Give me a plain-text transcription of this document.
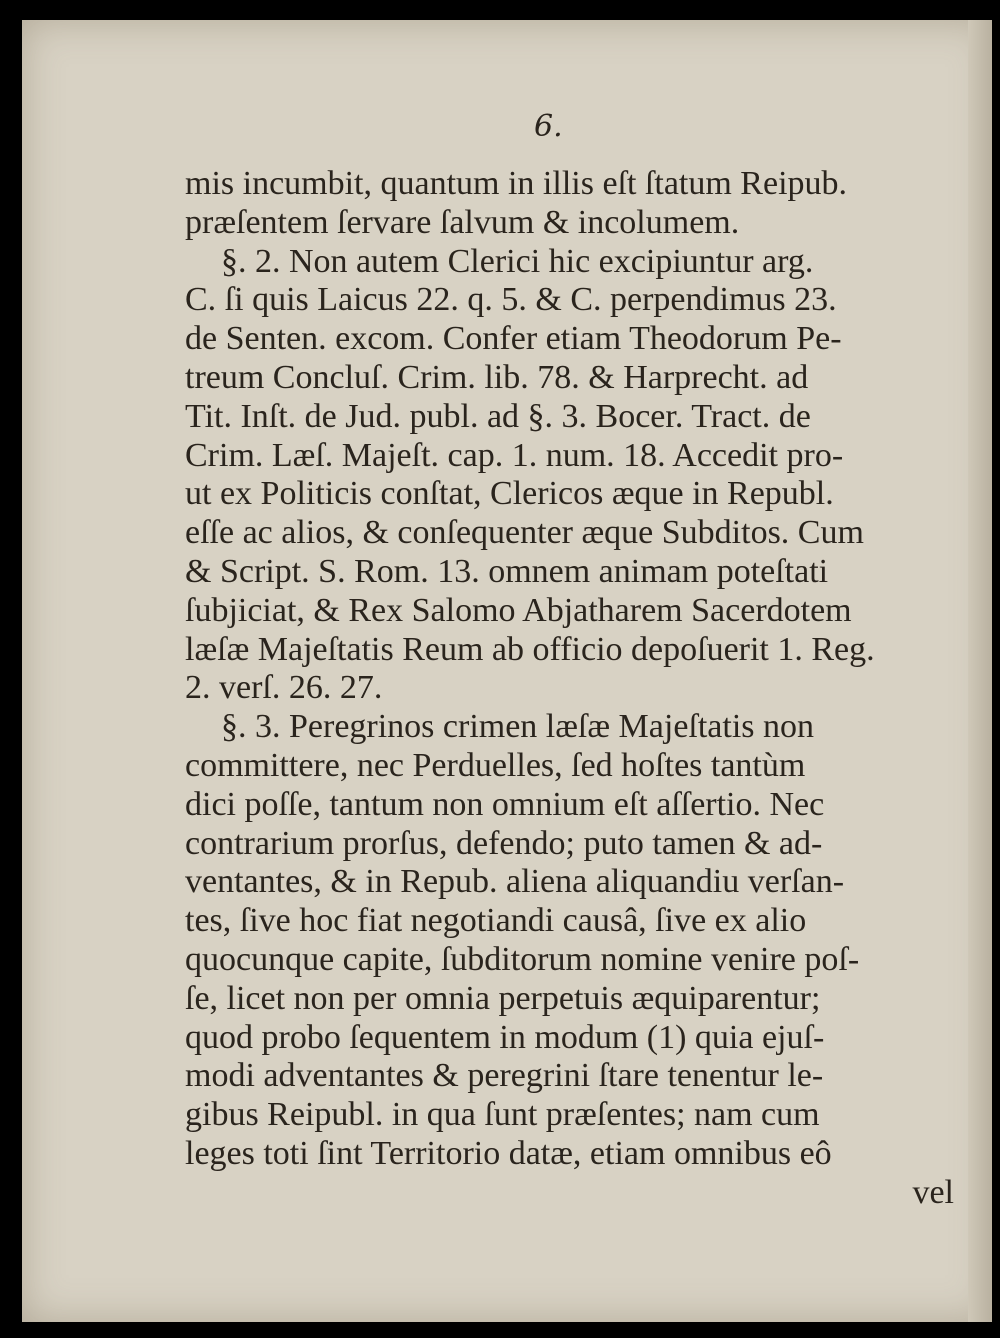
6.
mis incumbit, quantum in illis eſt ſtatum Reipub.
præſentem ſervare ſalvum & incolumem.
§. 2. Non autem Clerici hic excipiuntur arg.
C. ſi quis Laicus 22. q. 5. & C. perpendimus 23.
de Senten. excom. Confer etiam Theodorum Pe-
treum Concluſ. Crim. lib. 78. & Harprecht. ad
Tit. Inſt. de Jud. publ. ad §. 3. Bocer. Tract. de
Crim. Læſ. Majeſt. cap. 1. num. 18. Accedit pro-
ut ex Politicis conſtat, Clericos æque in Republ.
eſſe ac alios, & conſequenter æque Subditos. Cum
& Script. S. Rom. 13. omnem animam poteſtati
ſubjiciat, & Rex Salomo Abjatharem Sacerdotem
læſæ Majeſtatis Reum ab officio depoſuerit 1. Reg.
2. verſ. 26. 27.
§. 3. Peregrinos crimen læſæ Majeſtatis non
committere, nec Perduelles, ſed hoſtes tantùm
dici poſſe, tantum non omnium eſt aſſertio. Nec
contrarium prorſus, defendo; puto tamen & ad-
ventantes, & in Repub. aliena aliquandiu verſan-
tes, ſive hoc fiat negotiandi causâ, ſive ex alio
quocunque capite, ſubditorum nomine venire poſ-
ſe, licet non per omnia perpetuis æquiparentur;
quod probo ſequentem in modum (1) quia ejuſ-
modi adventantes & peregrini ſtare tenentur le-
gibus Reipubl. in qua ſunt præſentes; nam cum
leges toti ſint Territorio datæ, etiam omnibus eô
vel
